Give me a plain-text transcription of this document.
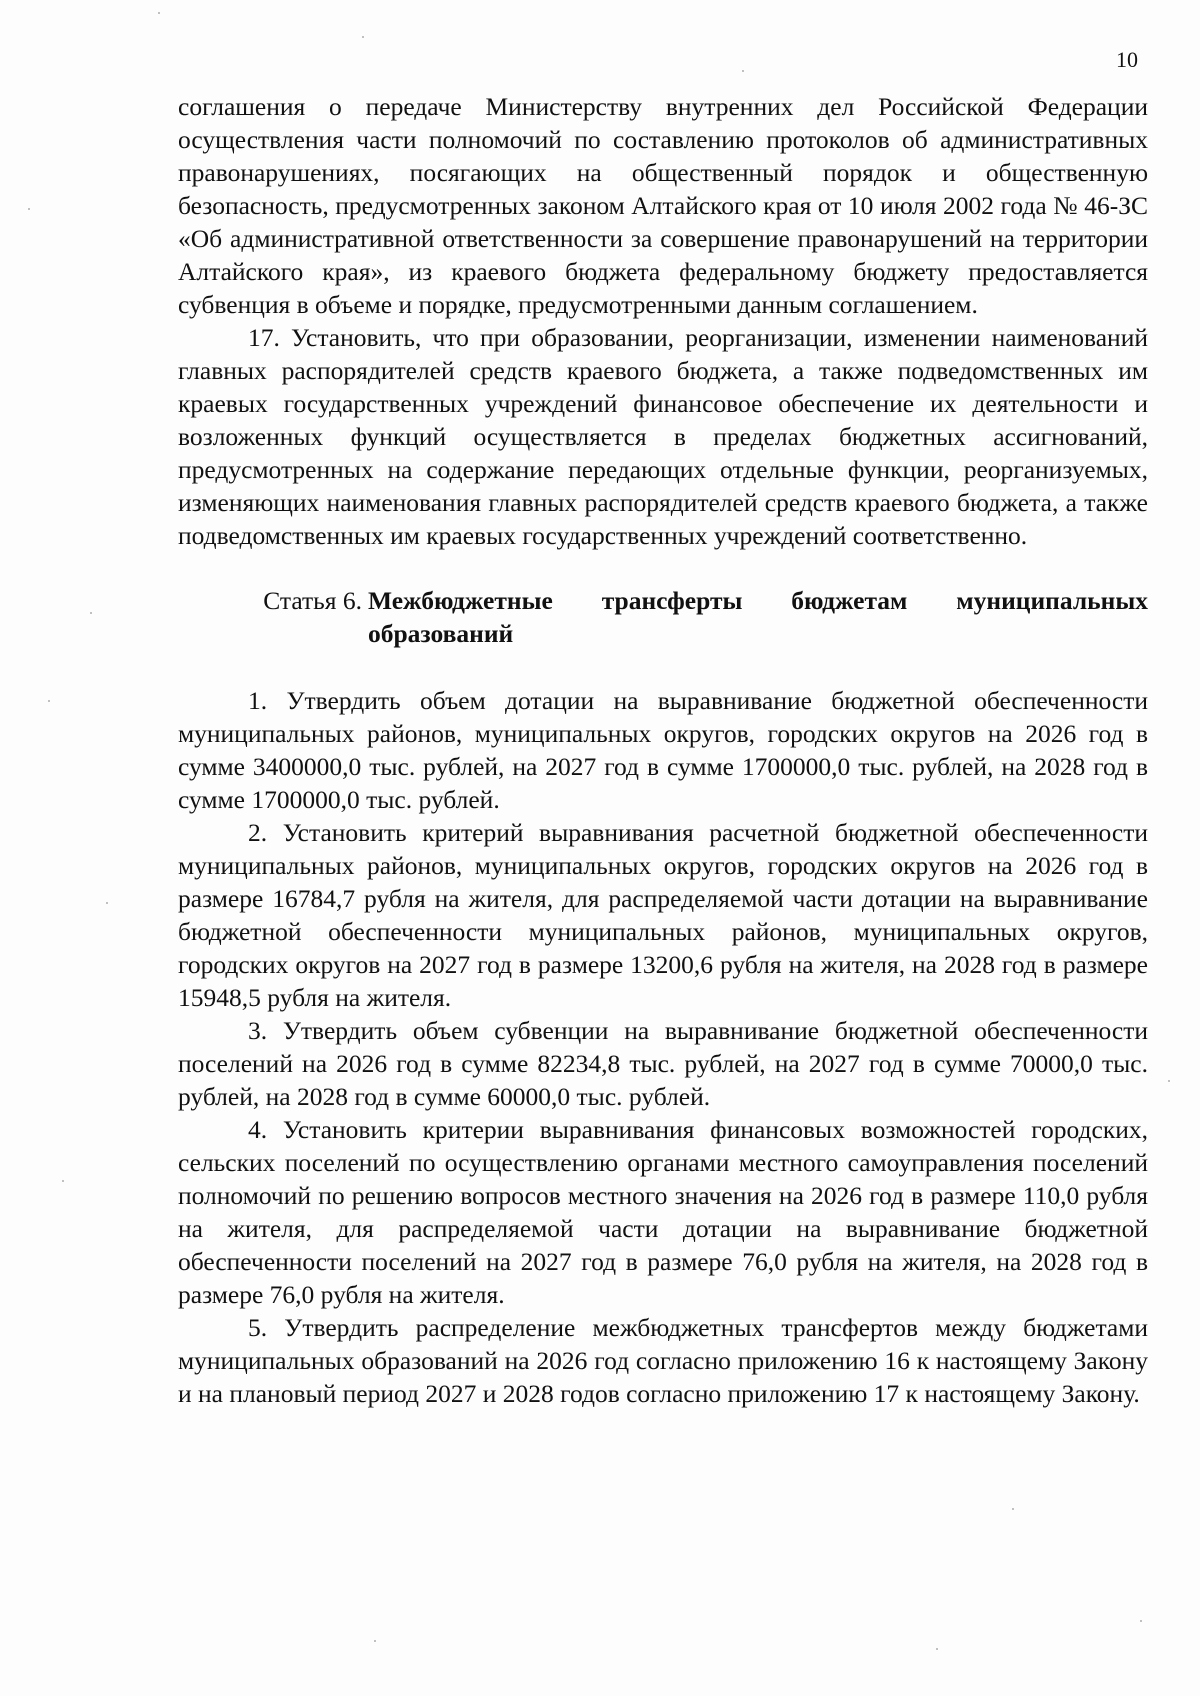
10

соглашения о передаче Министерству внутренних дел Российской Федерации осуществления части полномочий по составлению протоколов об административных правонарушениях, посягающих на общественный порядок и общественную безопасность, предусмотренных законом Алтайского края от 10 июля 2002 года № 46-ЗС «Об административной ответственности за совершение правонарушений на территории Алтайского края», из краевого бюджета федеральному бюджету предоставляется субвенция в объеме и порядке, предусмотренными данным соглашением.

17. Установить, что при образовании, реорганизации, изменении наименований главных распорядителей средств краевого бюджета, а также подведомственных им краевых государственных учреждений финансовое обеспечение их деятельности и возложенных функций осуществляется в пределах бюджетных ассигнований, предусмотренных на содержание передающих отдельные функции, реорганизуемых, изменяющих наименования главных распорядителей средств краевого бюджета, а также подведомственных им краевых государственных учреждений соответственно.

Статья 6. Межбюджетные трансферты бюджетам муниципальных образований

1. Утвердить объем дотации на выравнивание бюджетной обеспеченности муниципальных районов, муниципальных округов, городских округов на 2026 год в сумме 3400000,0 тыс. рублей, на 2027 год в сумме 1700000,0 тыс. рублей, на 2028 год в сумме 1700000,0 тыс. рублей.

2. Установить критерий выравнивания расчетной бюджетной обеспеченности муниципальных районов, муниципальных округов, городских округов на 2026 год в размере 16784,7 рубля на жителя, для распределяемой части дотации на выравнивание бюджетной обеспеченности муниципальных районов, муниципальных округов, городских округов на 2027 год в размере 13200,6 рубля на жителя, на 2028 год в размере 15948,5 рубля на жителя.

3. Утвердить объем субвенции на выравнивание бюджетной обеспеченности поселений на 2026 год в сумме 82234,8 тыс. рублей, на 2027 год в сумме 70000,0 тыс. рублей, на 2028 год в сумме 60000,0 тыс. рублей.

4. Установить критерии выравнивания финансовых возможностей городских, сельских поселений по осуществлению органами местного самоуправления поселений полномочий по решению вопросов местного значения на 2026 год в размере 110,0 рубля на жителя, для распределяемой части дотации на выравнивание бюджетной обеспеченности поселений на 2027 год в размере 76,0 рубля на жителя, на 2028 год в размере 76,0 рубля на жителя.

5. Утвердить распределение межбюджетных трансфертов между бюджетами муниципальных образований на 2026 год согласно приложению 16 к настоящему Закону и на плановый период 2027 и 2028 годов согласно приложению 17 к настоящему Закону.
